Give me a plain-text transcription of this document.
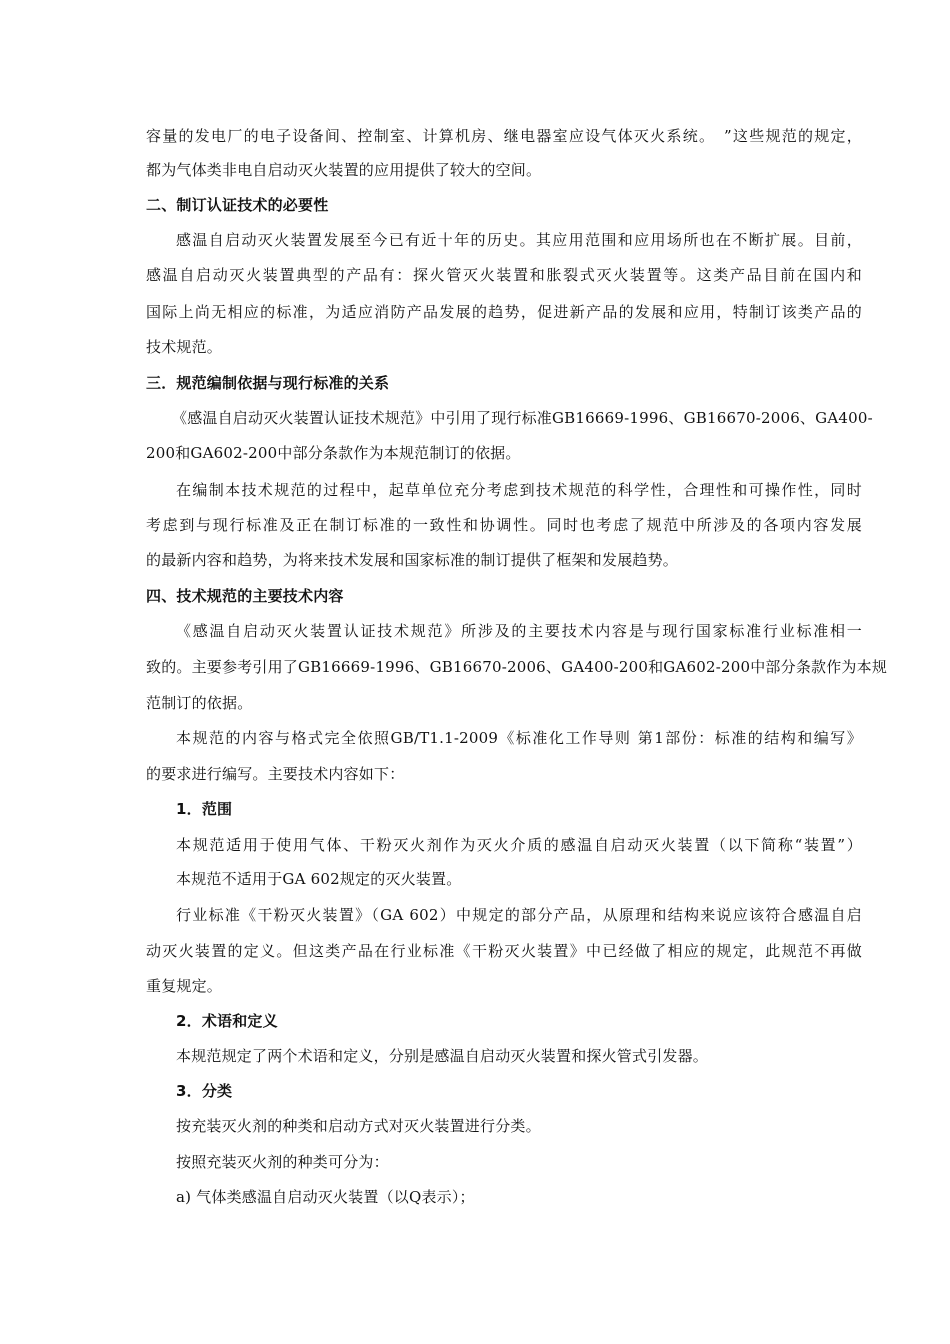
容量的发电厂的电子设备间、控制室、计算机房、继电器室应设气体灭火系统。　”这些规范的规定，
都为气体类非电自启动灭火装置的应用提供了较大的空间。
二、制订认证技术的必要性
感温自启动灭火装置发展至今已有近十年的历史。其应用范围和应用场所也在不断扩展。目前，
感温自启动灭火装置典型的产品有：探火管灭火装置和胀裂式灭火装置等。这类产品目前在国内和
国际上尚无相应的标准，为适应消防产品发展的趋势，促进新产品的发展和应用，特制订该类产品的
技术规范。
三．规范编制依据与现行标准的关系
《感温自启动灭火装置认证技术规范》中引用了现行标准GB16669-1996、GB16670-2006、GA400-
200和GA602-200中部分条款作为本规范制订的依据。
在编制本技术规范的过程中，起草单位充分考虑到技术规范的科学性，合理性和可操作性，同时
考虑到与现行标准及正在制订标准的一致性和协调性。同时也考虑了规范中所涉及的各项内容发展
的最新内容和趋势，为将来技术发展和国家标准的制订提供了框架和发展趋势。
四、技术规范的主要技术内容
《感温自启动灭火装置认证技术规范》所涉及的主要技术内容是与现行国家标准行业标准相一
致的。主要参考引用了GB16669-1996、GB16670-2006、GA400-200和GA602-200中部分条款作为本规
范制订的依据。
本规范的内容与格式完全依照GB/T1.1-2009《标准化工作导则 第1部份：标准的结构和编写》
的要求进行编写。主要技术内容如下：
1．范围
本规范适用于使用气体、干粉灭火剂作为灭火介质的感温自启动灭火装置（以下简称“装置”）
本规范不适用于GA 602规定的灭火装置。
行业标准《干粉灭火装置》（GA 602）中规定的部分产品，从原理和结构来说应该符合感温自启
动灭火装置的定义。但这类产品在行业标准《干粉灭火装置》中已经做了相应的规定，此规范不再做
重复规定。
2．术语和定义
本规范规定了两个术语和定义，分别是感温自启动灭火装置和探火管式引发器。
3．分类
按充装灭火剂的种类和启动方式对灭火装置进行分类。
按照充装灭火剂的种类可分为：
a) 气体类感温自启动灭火装置（以Q表示）；
